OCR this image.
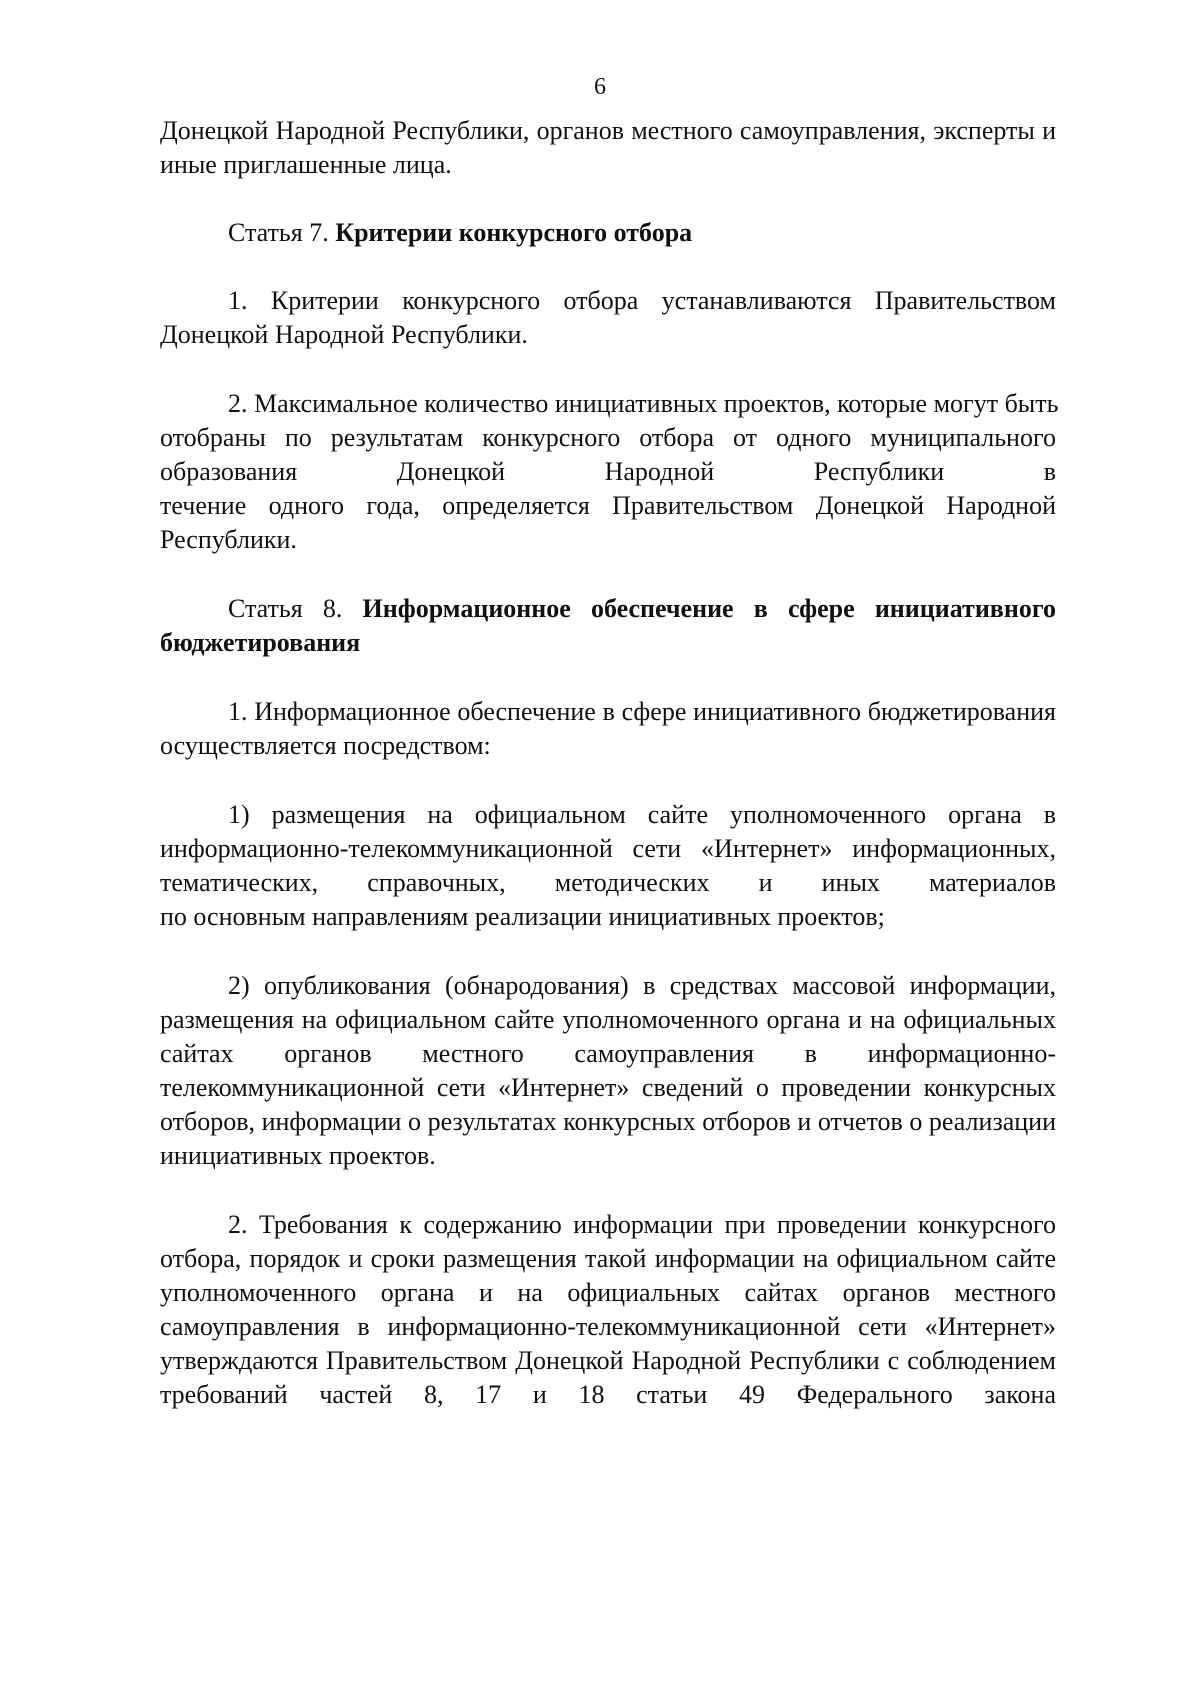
6
Донецкой Народной Республики, органов местного самоуправления, эксперты и
иные приглашенные лица.
Статья 7. Критерии конкурсного отбора
1. Критерии конкурсного отбора устанавливаются Правительством
Донецкой Народной Республики.
2. Максимальное количество инициативных проектов, которые могут быть
отобраны по результатам конкурсного отбора от одного муниципального
образования Донецкой Народной Республики в
течение одного года, определяется Правительством Донецкой Народной
Республики.
Статья 8. Информационное обеспечение в сфере инициативного
бюджетирования
1. Информационное обеспечение в сфере инициативного бюджетирования
осуществляется посредством:
1) размещения на официальном сайте уполномоченного органа в
информационно-телекоммуникационной сети «Интернет» информационных,
тематических, справочных, методических и иных материалов
по основным направлениям реализации инициативных проектов;
2) опубликования (обнародования) в средствах массовой информации,
размещения на официальном сайте уполномоченного органа и на официальных
сайтах органов местного самоуправления в информационно-
телекоммуникационной сети «Интернет» сведений о проведении конкурсных
отборов, информации о результатах конкурсных отборов и отчетов о реализации
инициативных проектов.
2. Требования к содержанию информации при проведении конкурсного
отбора, порядок и сроки размещения такой информации на официальном сайте
уполномоченного органа и на официальных сайтах органов местного
самоуправления в информационно-телекоммуникационной сети «Интернет»
утверждаются Правительством Донецкой Народной Республики с соблюдением
требований частей 8, 17 и 18 статьи 49 Федерального закона
